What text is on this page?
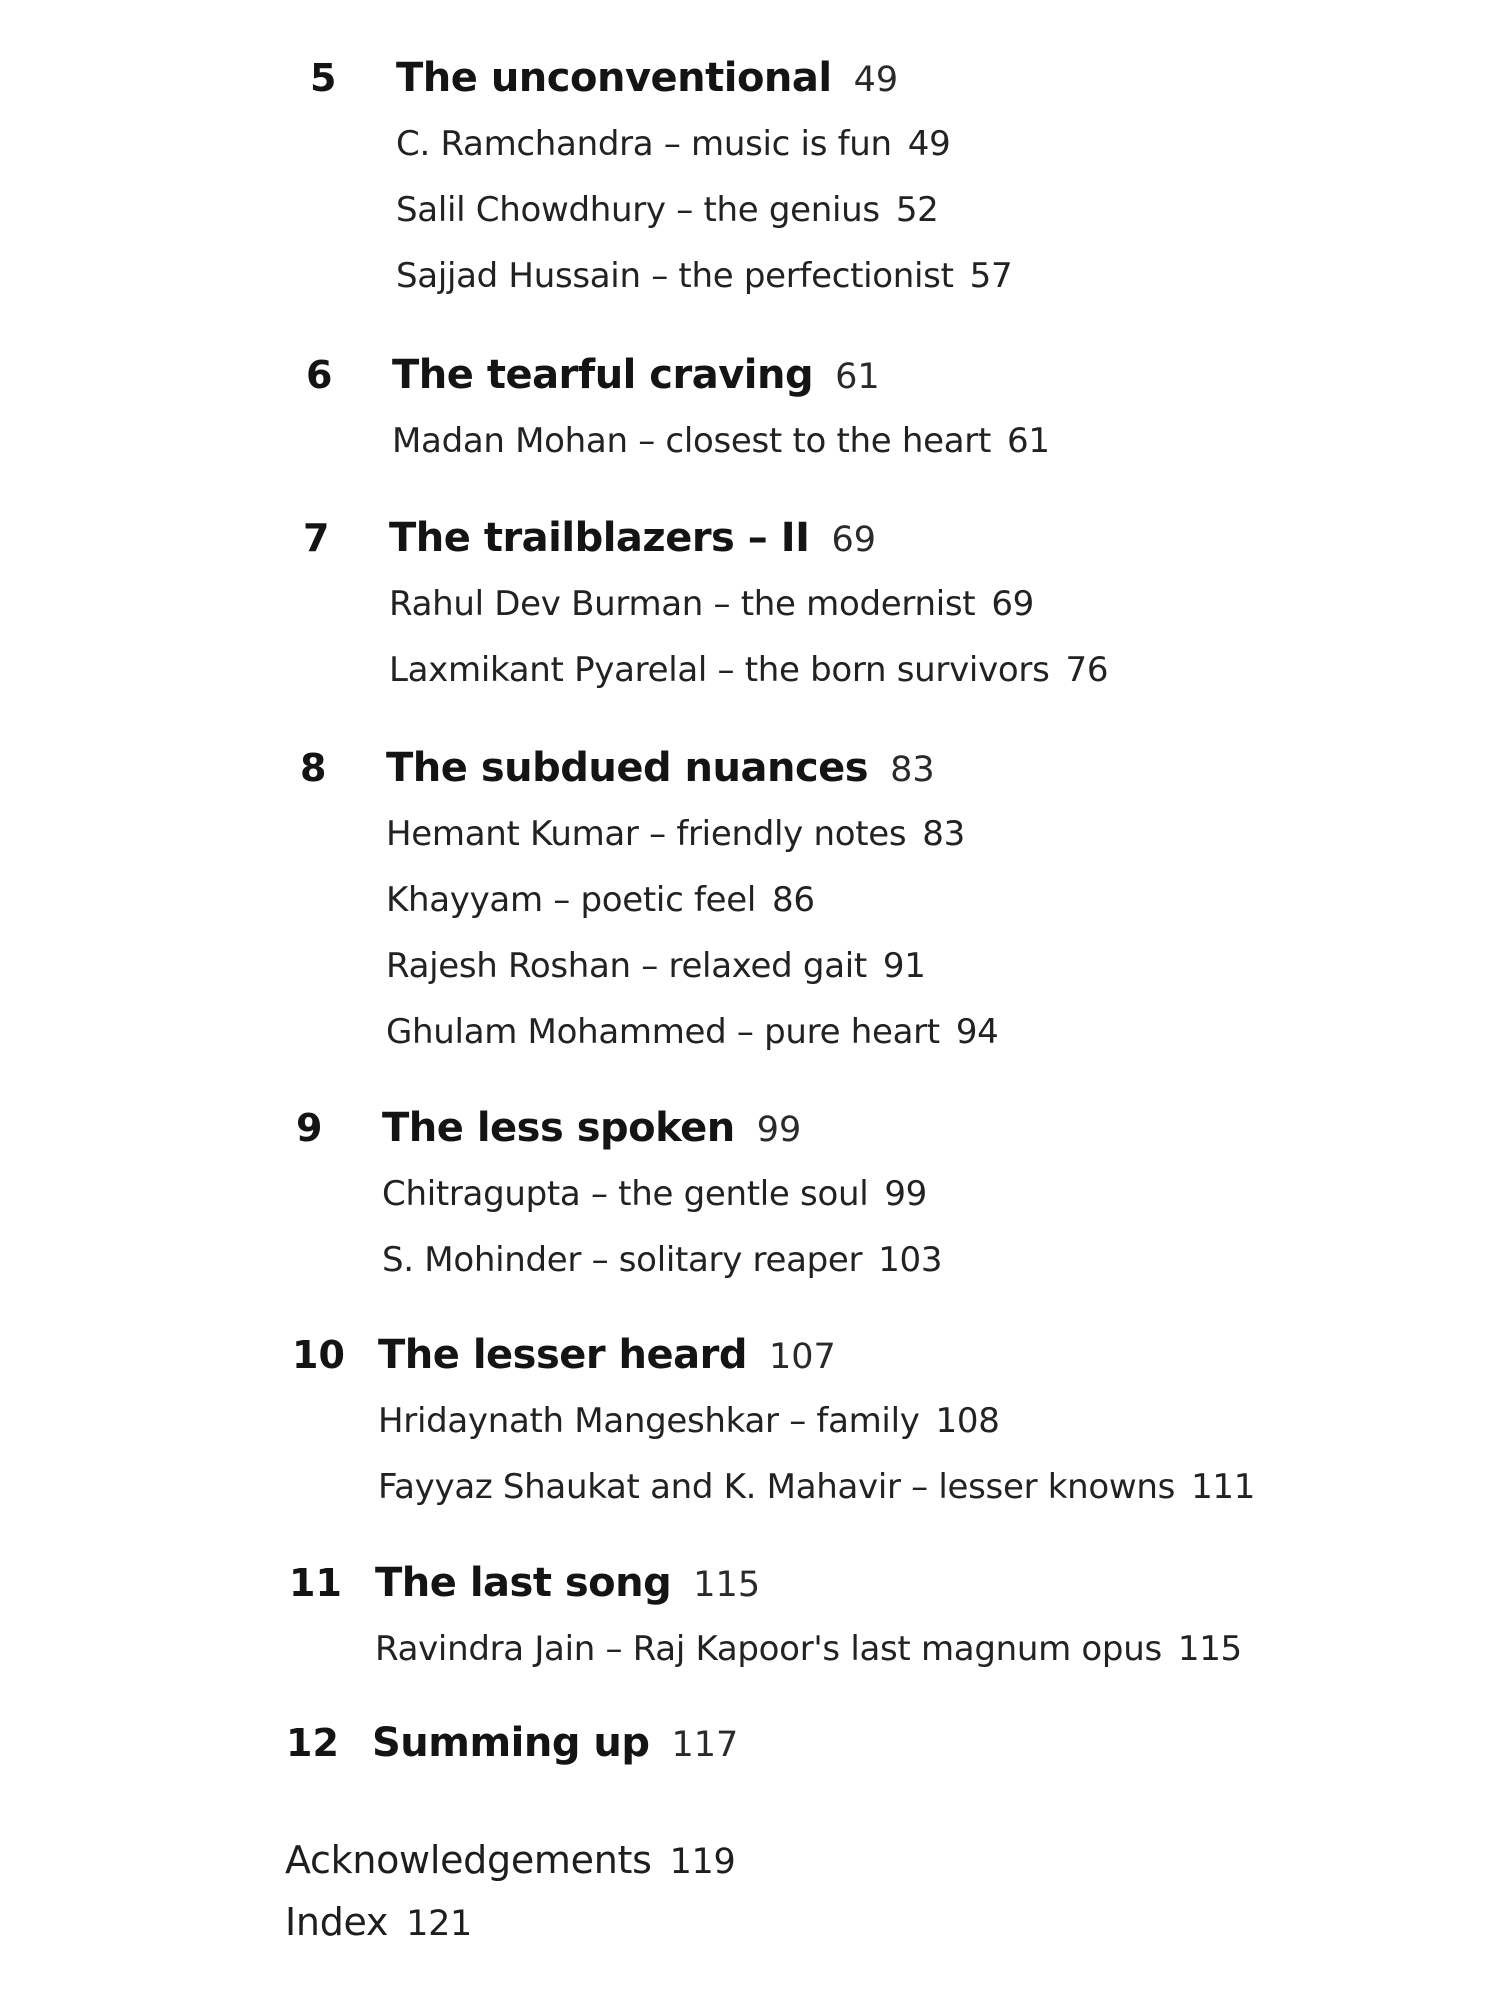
5	The unconventional 49
C. Ramchandra – music is fun 49
Salil Chowdhury – the genius 52
Sajjad Hussain – the perfectionist 57
6	The tearful craving 61
Madan Mohan – closest to the heart 61
7	The trailblazers – II 69
Rahul Dev Burman – the modernist 69
Laxmikant Pyarelal – the born survivors 76
8	The subdued nuances 83
Hemant Kumar – friendly notes 83
Khayyam – poetic feel 86
Rajesh Roshan – relaxed gait 91
Ghulam Mohammed – pure heart 94
9	The less spoken 99
Chitragupta – the gentle soul 99
S. Mohinder – solitary reaper 103
10 The lesser heard 107
Hridaynath Mangeshkar – family 108
Fayyaz Shaukat and K. Mahavir – lesser knowns 111
11 The last song 115
Ravindra Jain – Raj Kapoor's last magnum opus 115
12 Summing up 117
Acknowledgements 119
Index 121
